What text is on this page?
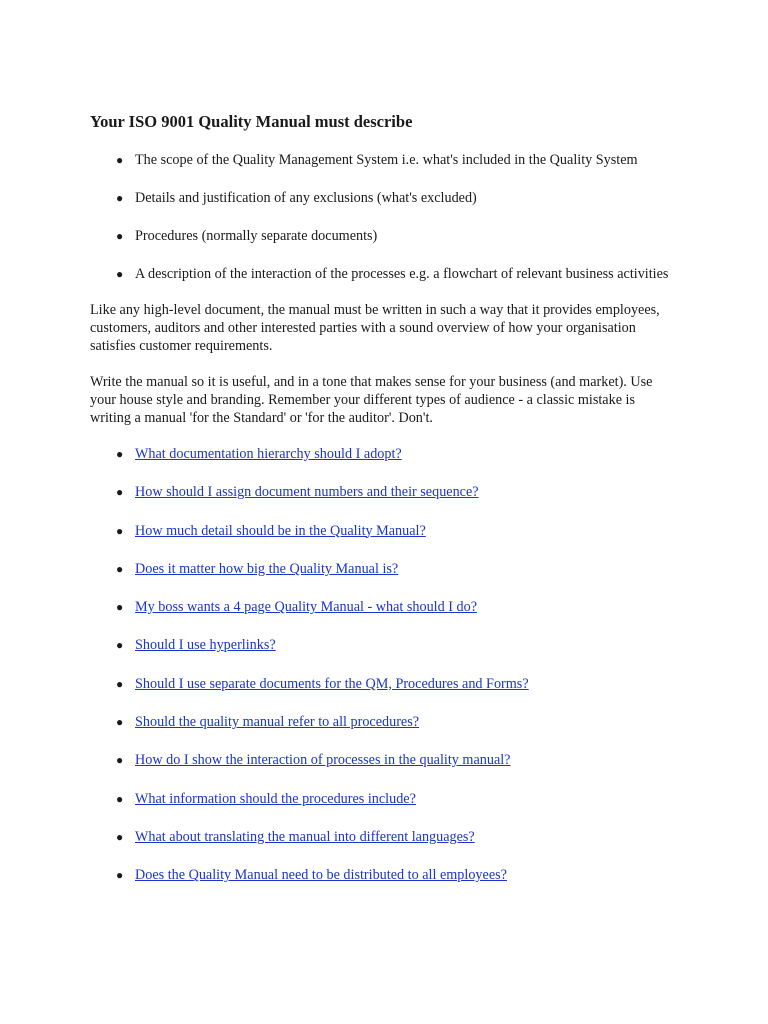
Your ISO 9001 Quality Manual must describe
● The scope of the Quality Management System i.e. what's included in the Quality System
● Details and justification of any exclusions (what's excluded)
● Procedures (normally separate documents)
● A description of the interaction of the processes e.g. a flowchart of relevant business activities

Like any high-level document, the manual must be written in such a way that it provides employees, customers, auditors and other interested parties with a sound overview of how your organisation satisfies customer requirements.

Write the manual so it is useful, and in a tone that makes sense for your business (and market). Use your house style and branding. Remember your different types of audience - a classic mistake is writing a manual 'for the Standard' or 'for the auditor'. Don't.

● What documentation hierarchy should I adopt?
● How should I assign document numbers and their sequence?
● How much detail should be in the Quality Manual?
● Does it matter how big the Quality Manual is?
● My boss wants a 4 page Quality Manual - what should I do?
● Should I use hyperlinks?
● Should I use separate documents for the QM, Procedures and Forms?
● Should the quality manual refer to all procedures?
● How do I show the interaction of processes in the quality manual?
● What information should the procedures include?
● What about translating the manual into different languages?
● Does the Quality Manual need to be distributed to all employees?
